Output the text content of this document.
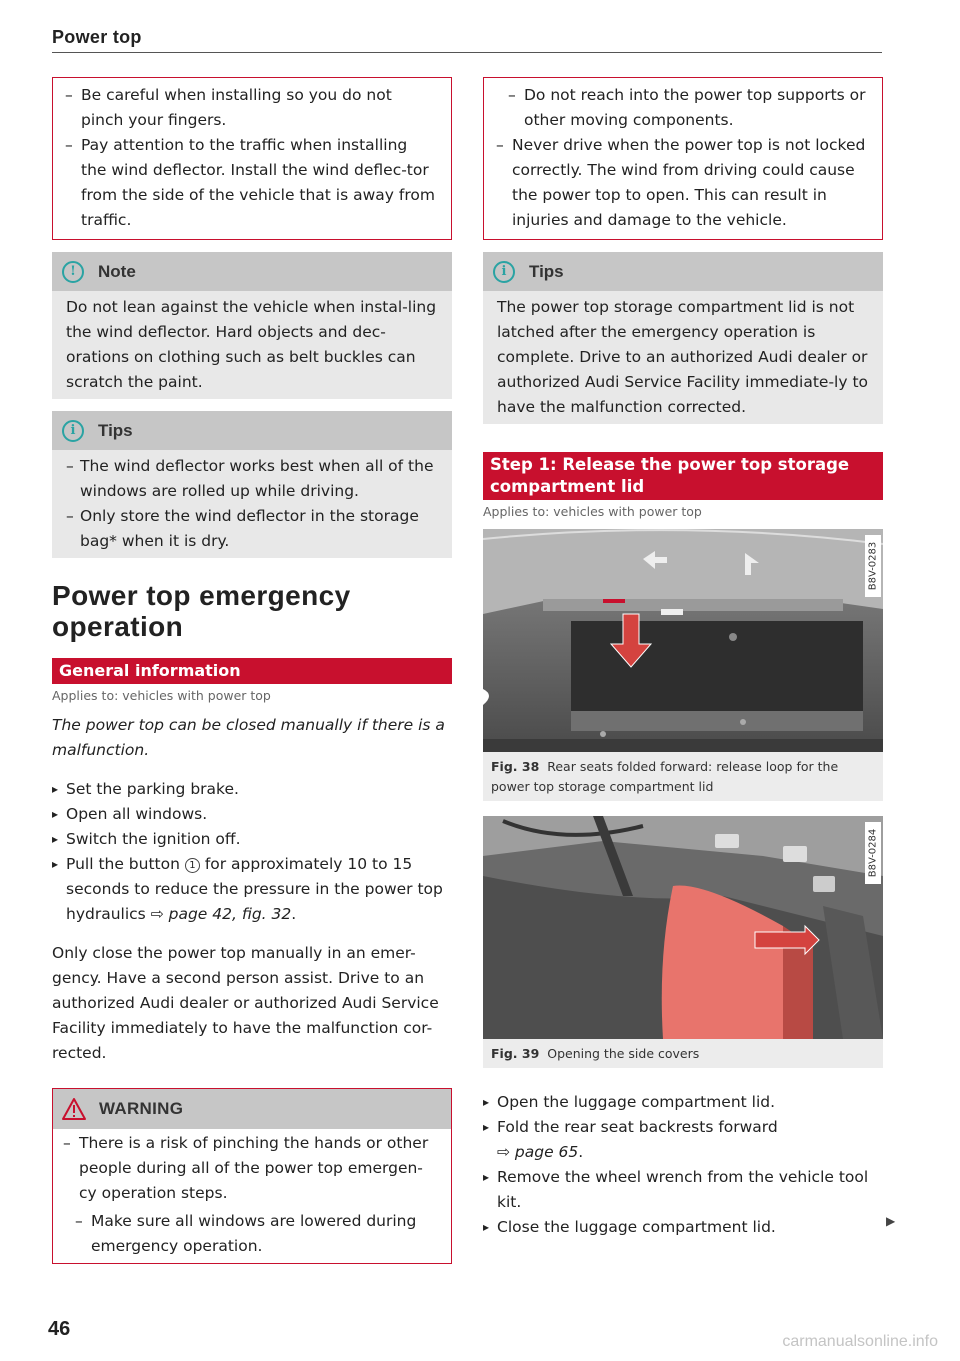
Power top
– Be careful when installing so you do not pinch your fingers.
– Pay attention to the traffic when installing the wind deflector. Install the wind deflec-tor from the side of the vehicle that is away from traffic.
!	Note
Do not lean against the vehicle when instal-ling the wind deflector. Hard objects and dec-orations on clothing such as belt buckles can scratch the paint.
i	Tips
– The wind deflector works best when all of the windows are rolled up while driving.
– Only store the wind deflector in the storage bag* when it is dry.
Power top emergency operation
General information
Applies to: vehicles with power top

The power top can be closed manually if there is a malfunction.

▸ Set the parking brake.
▸ Open all windows.
▸ Switch the ignition off.
▸ Pull the button 1 for approximately 10 to 15 seconds to reduce the pressure in the power top hydraulics ⇨ page 42, fig. 32.

Only close the power top manually in an emer-gency. Have a second person assist. Drive to an authorized Audi dealer or authorized Audi Service Facility immediately to have the malfunction cor-rected.

WARNING
– There is a risk of pinching the hands or other people during all of the power top emergen-cy operation steps.
– Make sure all windows are lowered during emergency operation.
– Do not reach into the power top supports or other moving components.
– Never drive when the power top is not locked correctly. The wind from driving could cause the power top to open. This can result in injuries and damage to the vehicle.
i	Tips
The power top storage compartment lid is not latched after the emergency operation is complete. Drive to an authorized Audi dealer or authorized Audi Service Facility immediate-ly to have the malfunction corrected.
Step 1: Release the power top storage compartment lid
Applies to: vehicles with power top
B8V-0283
Fig. 38 Rear seats folded forward: release loop for the power top storage compartment lid
B8V-0284
Fig. 39 Opening the side covers
▸ Open the luggage compartment lid.
▸ Fold the rear seat backrests forward
⇨ page 65.
▸ Remove the wheel wrench from the vehicle tool kit.
▸ Close the luggage compartment lid.	▶
46
carmanualsonline.info
